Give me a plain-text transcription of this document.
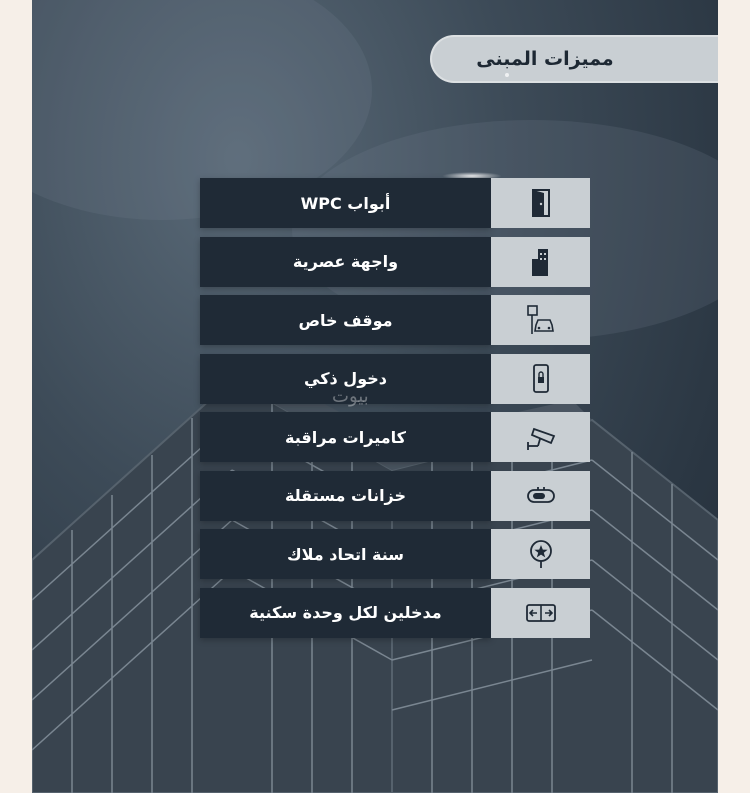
مميزات المبنى
أبواب WPC
واجهة عصرية
موقف خاص
دخول ذكي
كاميرات مراقبة
خزانات مستقلة
سنة اتحاد ملاك
مدخلين لكل وحدة سكنية
بيوت
